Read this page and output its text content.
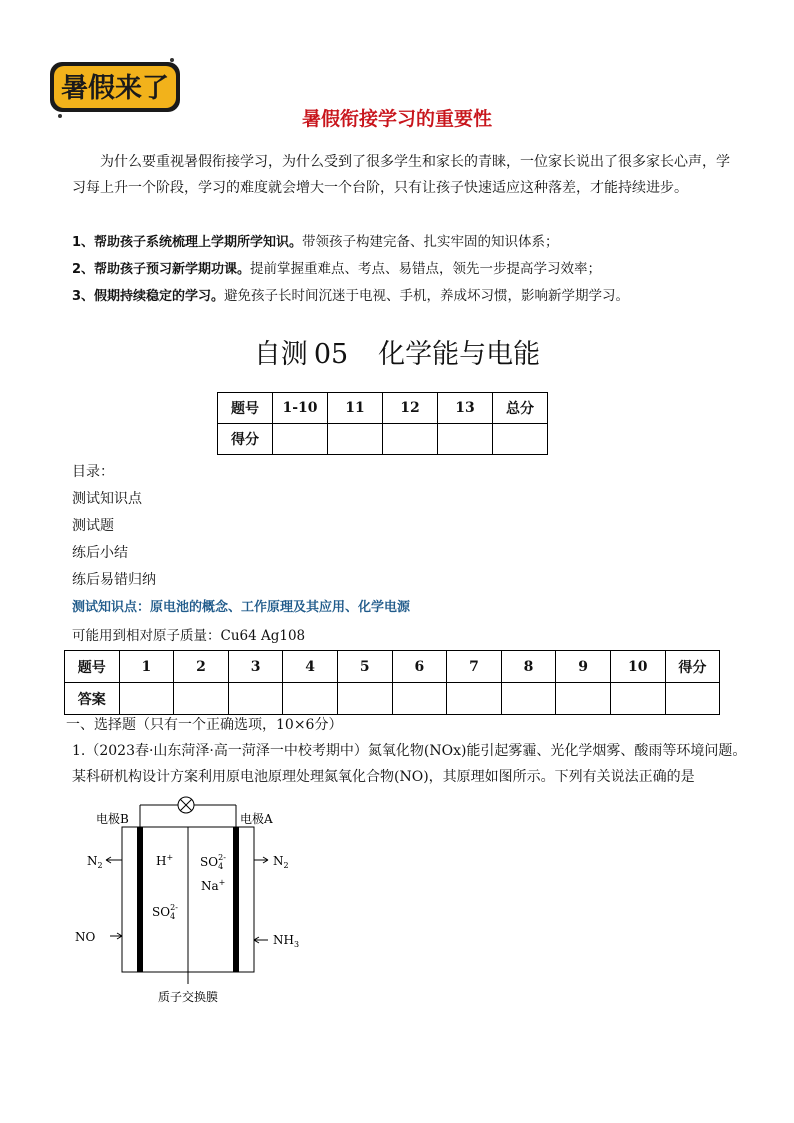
暑假来了
暑假衔接学习的重要性
为什么要重视暑假衔接学习，为什么受到了很多学生和家长的青睐，一位家长说出了很多家长心声，学习每上升一个阶段，学习的难度就会增大一个台阶，只有让孩子快速适应这种落差，才能持续进步。
1、帮助孩子系统梳理上学期所学知识。带领孩子构建完备、扎实牢固的知识体系；
2、帮助孩子预习新学期功课。提前掌握重难点、考点、易错点，领先一步提高学习效率；
3、假期持续稳定的学习。避免孩子长时间沉迷于电视、手机，养成坏习惯，影响新学期学习。
自测 05 化学能与电能
题号	1-10	11	12	13	总分
得分					
目录：
测试知识点
测试题
练后小结
练后易错归纳
测试知识点：原电池的概念、工作原理及其应用、化学电源
可能用到相对原子质量：Cu64 Ag108
题号	1	2	3	4	5	6	7	8	9	10	得分
答案											
一、选择题（只有一个正确选项，10×6分）
1.（2023春·山东菏泽·高一菏泽一中校考期中）氮氧化物(NOx)能引起雾霾、光化学烟雾、酸雨等环境问题。某科研机构设计方案利用原电池原理处理氮氧化合物(NO)，其原理如图所示。下列有关说法正确的是
电极B	电极A
$N_2$
NO
$N_2$
$NH_3$
H+
$SO_42-$
$SO_42-$
Na+
质子交换膜
